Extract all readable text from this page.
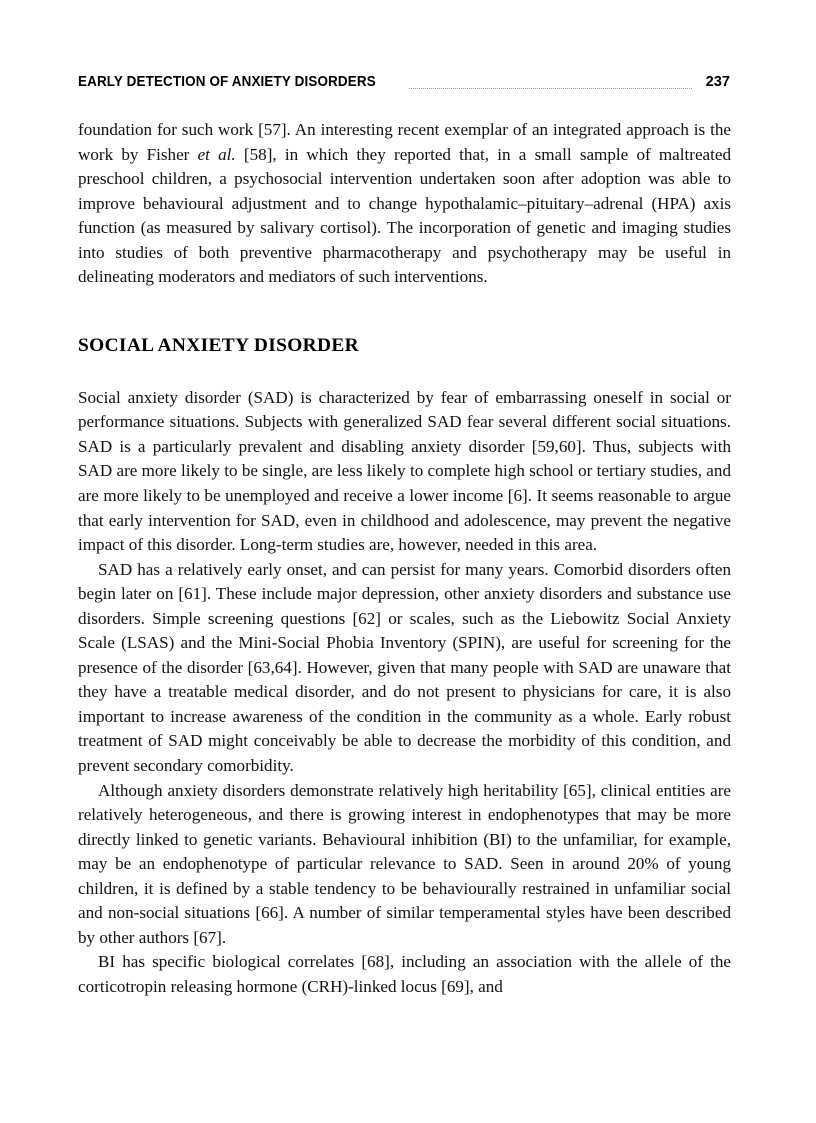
EARLY DETECTION OF ANXIETY DISORDERS	237

foundation for such work [57]. An interesting recent exemplar of an integrated approach is the work by Fisher et al. [58], in which they reported that, in a small sample of maltreated preschool children, a psychosocial intervention undertaken soon after adoption was able to improve behavioural adjustment and to change hypothalamic–pituitary–adrenal (HPA) axis function (as measured by salivary cortisol). The incorporation of genetic and imaging studies into studies of both preventive pharmacotherapy and psychotherapy may be useful in delineating moderators and mediators of such interventions.

SOCIAL ANXIETY DISORDER

Social anxiety disorder (SAD) is characterized by fear of embarrassing oneself in social or performance situations. Subjects with generalized SAD fear several different social situations. SAD is a particularly prevalent and disabling anxiety disorder [59,60]. Thus, subjects with SAD are more likely to be single, are less likely to complete high school or tertiary studies, and are more likely to be unemployed and receive a lower income [6]. It seems reasonable to argue that early intervention for SAD, even in childhood and adolescence, may prevent the negative impact of this disorder. Long-term studies are, however, needed in this area.

SAD has a relatively early onset, and can persist for many years. Comorbid disorders often begin later on [61]. These include major depression, other anxiety disorders and substance use disorders. Simple screening questions [62] or scales, such as the Liebowitz Social Anxiety Scale (LSAS) and the Mini-Social Phobia Inventory (SPIN), are useful for screening for the presence of the disorder [63,64]. However, given that many people with SAD are unaware that they have a treatable medical disorder, and do not present to physicians for care, it is also important to increase awareness of the condition in the community as a whole. Early robust treatment of SAD might conceivably be able to decrease the morbidity of this condition, and prevent secondary comorbidity.

Although anxiety disorders demonstrate relatively high heritability [65], clinical entities are relatively heterogeneous, and there is growing interest in endophenotypes that may be more directly linked to genetic variants. Behavioural inhibition (BI) to the unfamiliar, for example, may be an endophenotype of particular relevance to SAD. Seen in around 20% of young children, it is defined by a stable tendency to be behaviourally restrained in unfamiliar social and non-social situations [66]. A number of similar temperamental styles have been described by other authors [67].

BI has specific biological correlates [68], including an association with the allele of the corticotropin releasing hormone (CRH)-linked locus [69], and
